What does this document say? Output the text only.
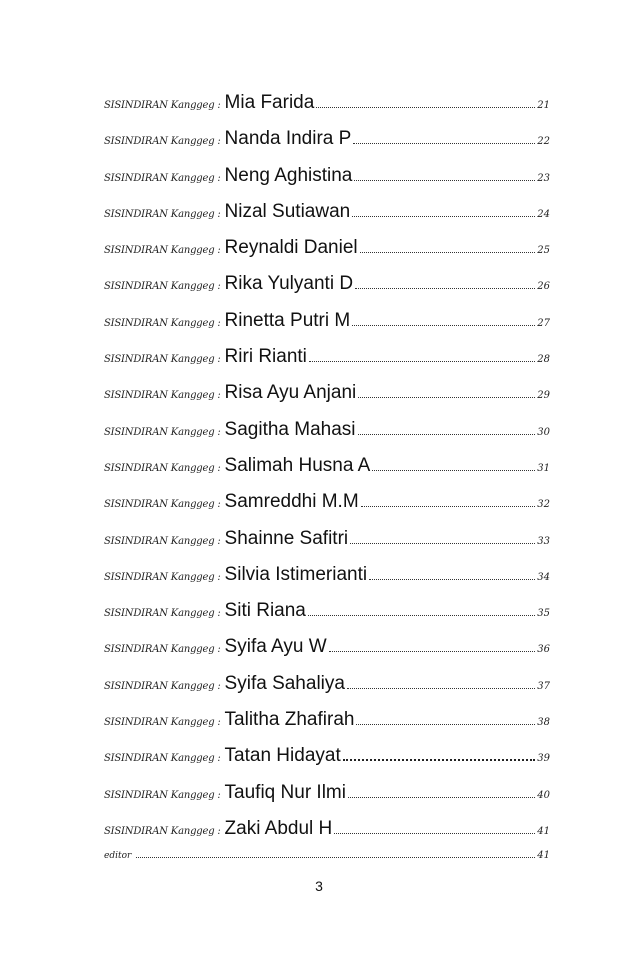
SISINDIRAN Kanggeg : Mia Farida	21
SISINDIRAN Kanggeg : Nanda Indira P	22
SISINDIRAN Kanggeg : Neng Aghistina	23
SISINDIRAN Kanggeg : Nizal Sutiawan	24
SISINDIRAN Kanggeg : Reynaldi Daniel	25
SISINDIRAN Kanggeg : Rika Yulyanti D	26
SISINDIRAN Kanggeg : Rinetta Putri M	27
SISINDIRAN Kanggeg : Riri Rianti	28
SISINDIRAN Kanggeg : Risa Ayu Anjani	29
SISINDIRAN Kanggeg : Sagitha Mahasi	30
SISINDIRAN Kanggeg : Salimah Husna A	31
SISINDIRAN Kanggeg : Samreddhi M.M	32
SISINDIRAN Kanggeg : Shainne Safitri	33
SISINDIRAN Kanggeg : Silvia Istimerianti	34
SISINDIRAN Kanggeg : Siti Riana	35
SISINDIRAN Kanggeg : Syifa Ayu W	36
SISINDIRAN Kanggeg : Syifa Sahaliya	37
SISINDIRAN Kanggeg : Talitha Zhafirah	38
SISINDIRAN Kanggeg : Tatan Hidayat	39
SISINDIRAN Kanggeg : Taufiq Nur Ilmi	40
SISINDIRAN Kanggeg : Zaki Abdul H	41
editor	41
3
